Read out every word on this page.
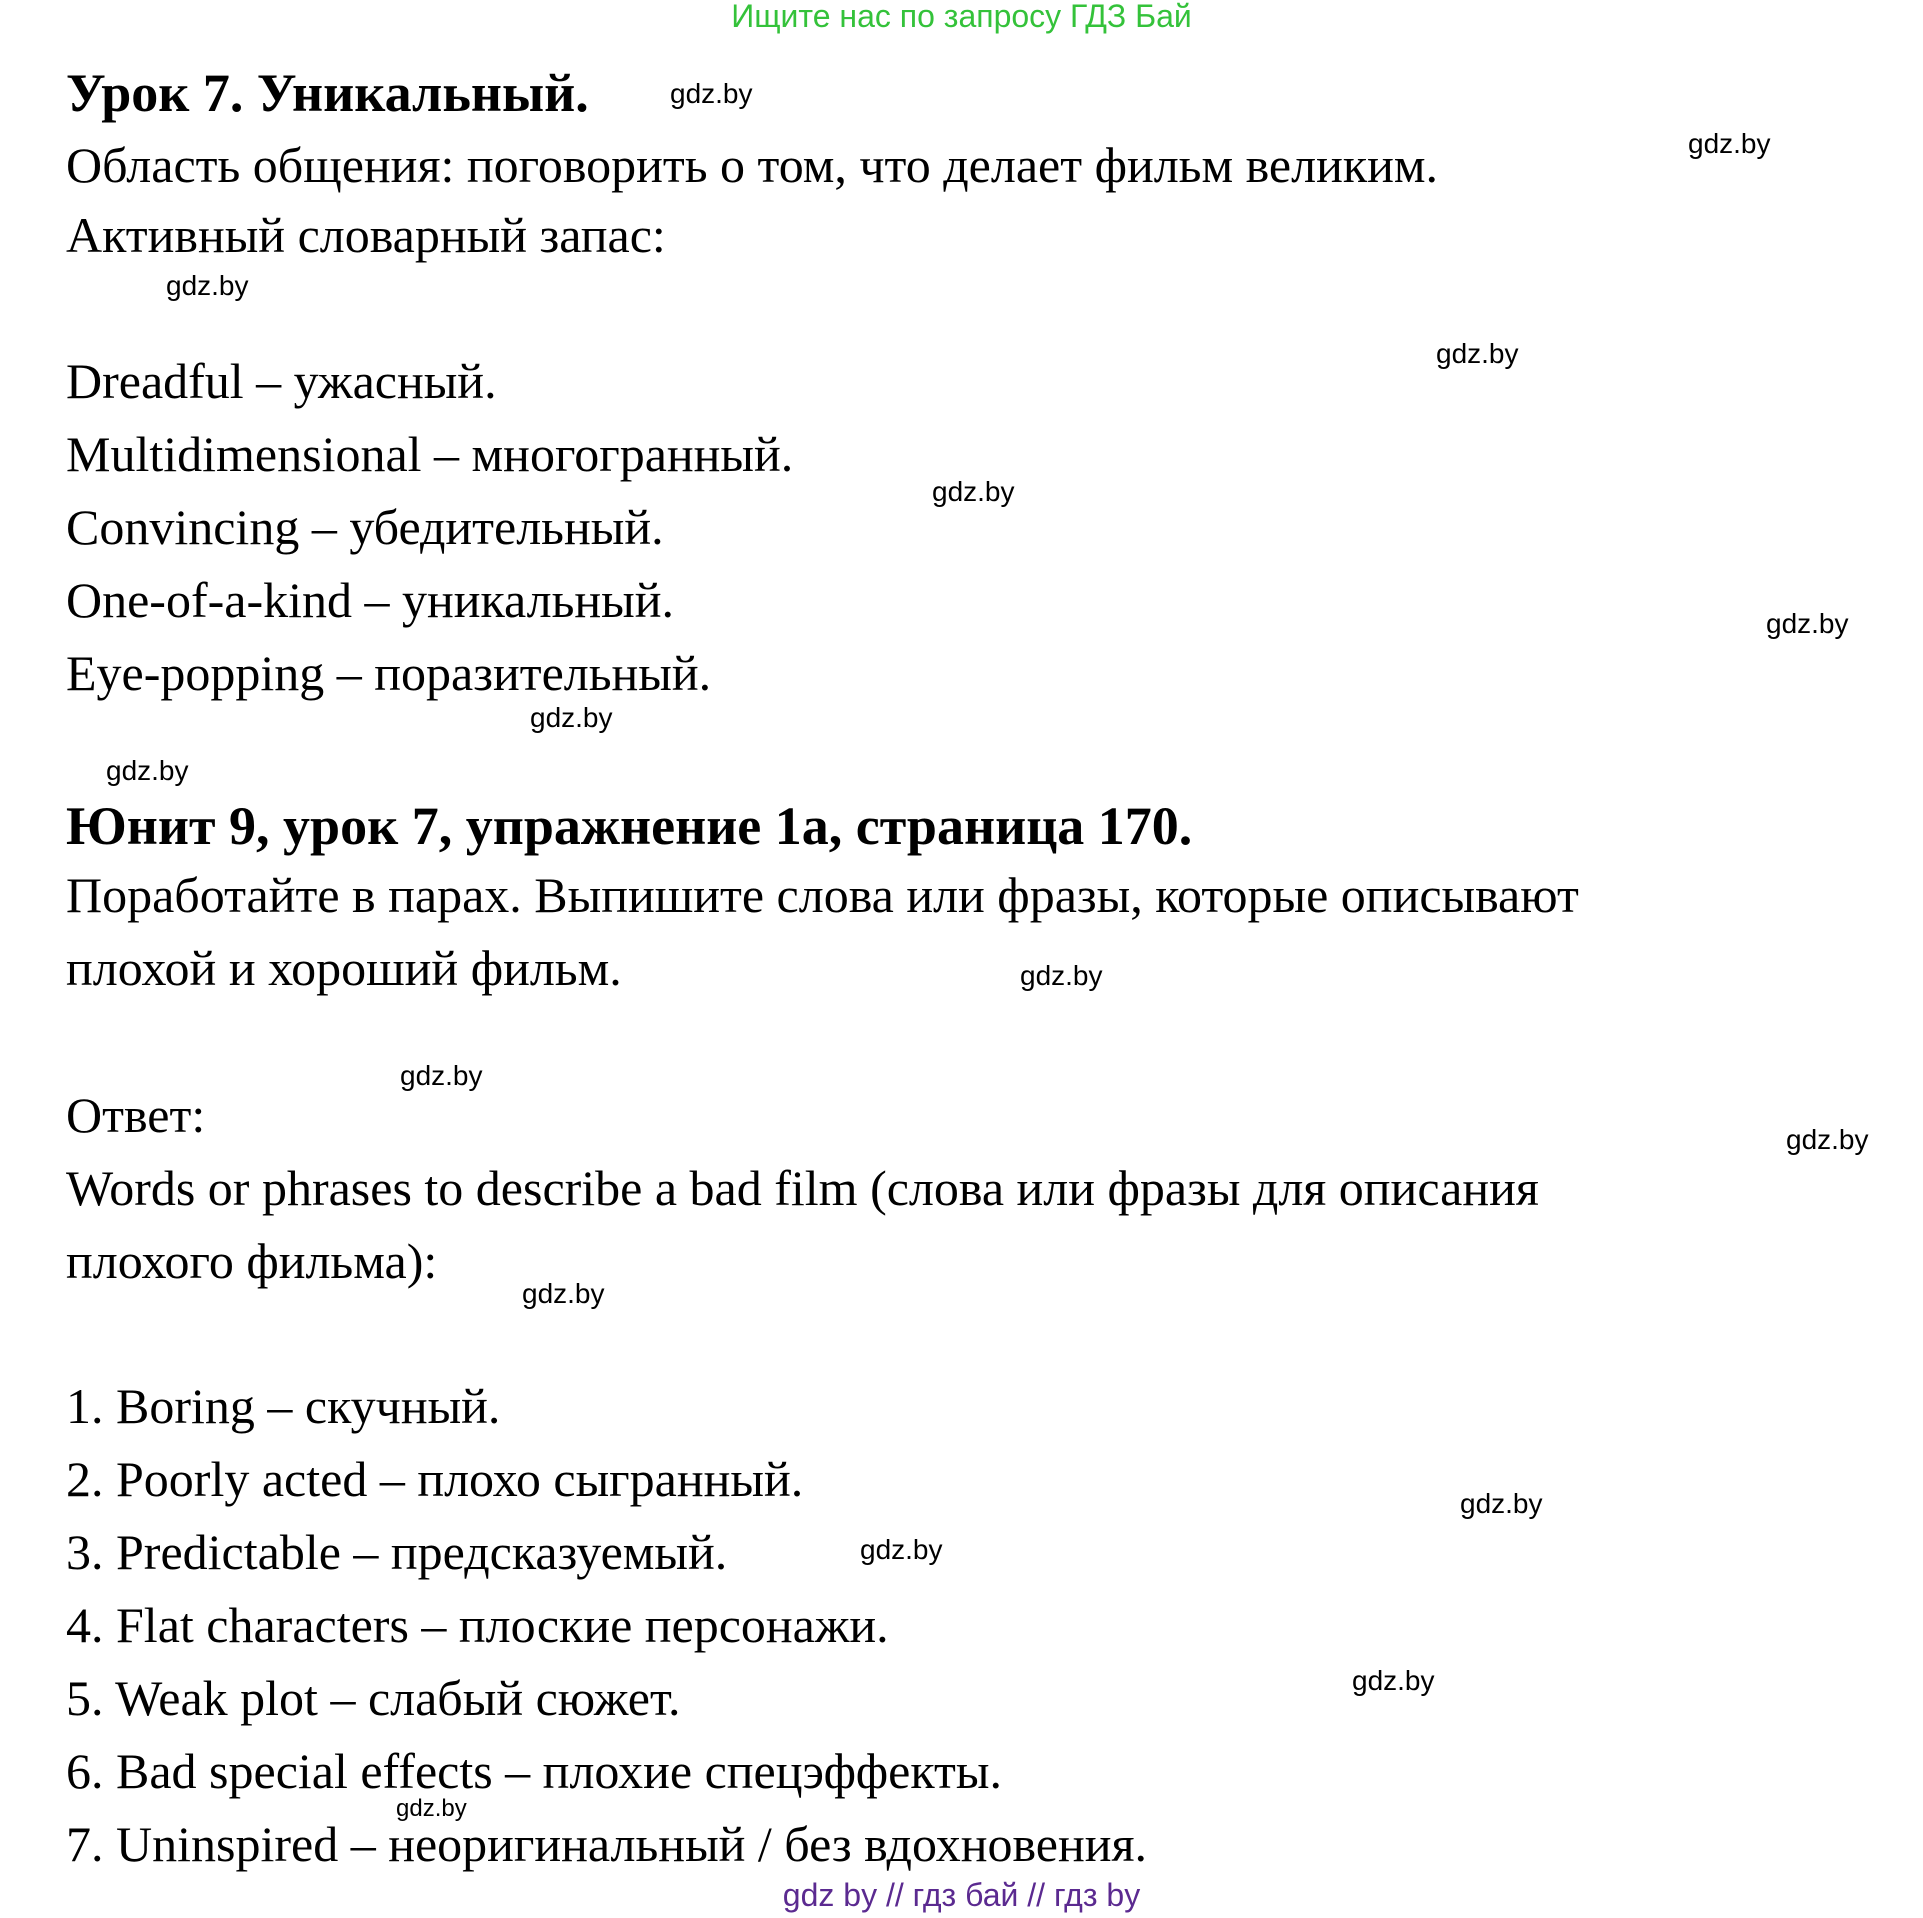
Ищите нас по запросу ГДЗ Бай
Урок 7. Уникальный.
Область общения: поговорить о том, что делает фильм великим.
Активный словарный запас:
Dreadful – ужасный.
Multidimensional – многогранный.
Convincing – убедительный.
One-of-a-kind – уникальный.
Eye-popping – поразительный.
Юнит 9, урок 7, упражнение 1а, страница 170.
Поработайте в парах. Выпишите слова или фразы, которые описывают
плохой и хороший фильм.
Ответ:
Words or phrases to describe a bad film (слова или фразы для описания
плохого фильма):
1. Boring – скучный.
2. Poorly acted – плохо сыгранный.
3. Predictable – предсказуемый.
4. Flat characters – плоские персонажи.
5. Weak plot – слабый сюжет.
6. Bad special effects – плохие спецэффекты.
7. Uninspired – неоригинальный / без вдохновения.
gdz.by
gdz.by
gdz.by
gdz.by
gdz.by
gdz.by
gdz.by
gdz.by
gdz.by
gdz.by
gdz.by
gdz.by
gdz.by
gdz.by
gdz.by
gdz.by
gdz by // гдз бай // гдз by
